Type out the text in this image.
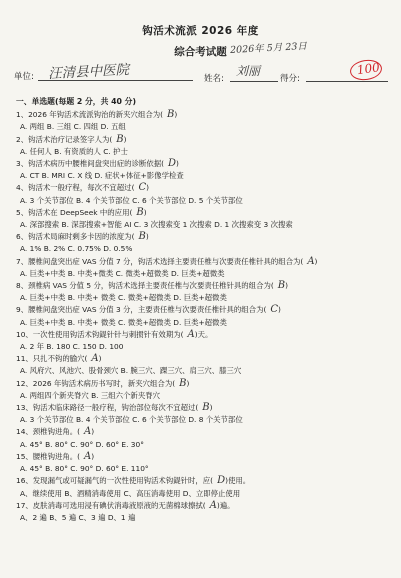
钩活术流派 2026 年度
综合考试题 2026年 5月 23日
单位: 汪清县中医院	姓名:
刘丽
得分:
100
一、单选题(每题 2 分，共 40 分)
1、2026 年钩活术流派钩治的新夹穴组合为( B)
A. 两组 B. 三组 C. 四组 D. 五组
2、钩活术治疗记录签字人为( B)
A. 任何人 B. 有资质的人 C. 护士
3、钩活术病历中腰椎间盘突出症的诊断依据( D)
A. CT B. MRI C. X 线 D. 症状+体征+影像学检查
4、钩活术一般疗程，每次不宜超过( C)
A. 3 个关节部位 B. 4 个关节部位 C. 6 个关节部位 D. 5 个关节部位
5、钩活术在 DeepSeek 中的应用( B)
A. 深部搜索 B. 深部搜索+智能 AI C. 3 次搜索变 1 次搜索 D. 1 次搜索变 3 次搜索
6、钩活术局麻时剩多卡因的浓度为( B)
A. 1% B. 2% C. 0.75% D. 0.5%
7、腰椎间盘突出症 VAS 分值 7 分，钩活术选择主要责任椎与次要责任椎针具的组合为( A)
A. 巨类+中类 B. 中类+微类 C. 微类+超微类 D. 巨类+超微类
8、颈椎病 VAS 分值 5 分，钩活术选择主要责任椎与次要责任椎针具的组合为( B)
A. 巨类+中类 B. 中类+ 微类 C. 微类+超微类 D. 巨类+超微类
9、腰椎间盘突出症 VAS 分值 3 分，主要责任椎与次要责任椎针具的组合为( C)
A. 巨类+中类 B. 中类+ 微类 C. 微类+超微类 D. 巨类+超微类
10、一次性使用钩活术钩鍉针针与刺掼针有效期为( A)天。
A. 2 年 B. 180 C. 150 D. 100
11、只扎不钩的腧穴( A)
A. 风府穴、风池穴、股骨颈穴 B. 腕三穴、踝三穴、肩三穴、膝三穴
12、2026 年钩活术病历书写时，新夹穴组合为( B)
A. 两组四个新夹脊穴 B. 三组六个新夹脊穴
13、钩活术临床路径一般疗程，钩治部位每次不宜超过( B)
A. 3 个关节部位 B. 4 个关节部位 C. 6 个关节部位 D. 8 个关节部位
14、颈椎钩进角。( A)
A. 45° B. 80° C. 90° D. 60° E. 30°
15、腰椎钩进角。( A)
A. 45° B. 80° C. 90° D. 60° E. 110°
16、发现漏气或可疑漏气的一次性使用钩活术钩鍉针时，应( D)使用。
A、继续使用 B、酒精消毒使用 C、高压消毒使用 D、立即停止使用
17、皮肤消毒可选用浸有碘伏消毒液原液的无菌棉球擦拭( A)遍。
A、2 遍 B、5 遍 C、3 遍 D、1 遍
